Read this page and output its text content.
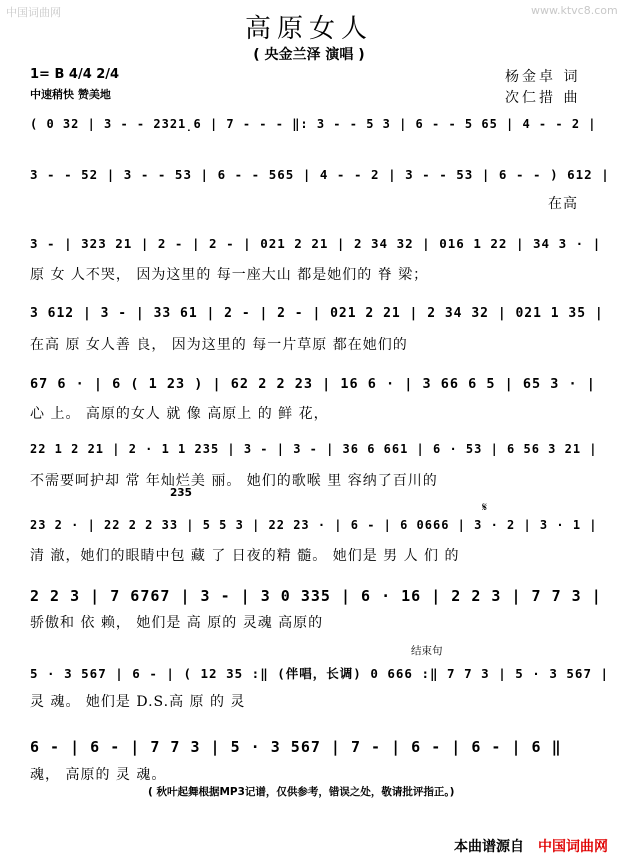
中国词曲网	www.ktvc8.com
高原女人
( 央金兰泽 演唱 )
1= B 4/4 2/4
中速稍快 赞美地
杨金卓 词
次仁措 曲
( 0 32 | 3 - - 2321̣6 | 7 - - - ‖: 3 - - 5 3 | 6 - - 5 65 | 4 - - 2 |
3 - - 52 | 3 - - 53 | 6 - - 565 | 4 - - 2 | 3 - - 53 | 6 - - ) 612 |
在高
3 - | 323 21 | 2 - | 2 - | 021 2 21 | 2 34 32 | 016 1 22 | 34 3 · |
原 女 人不哭， 因为这里的 每一座大山 都是她们的 脊 梁；
3 612 | 3 - | 33 61 | 2 - | 2 - | 021 2 21 | 2 34 32 | 021 1 35 |
在高 原 女人善 良， 因为这里的 每一片草原 都在她们的
67 6 · | 6 ( 1 23 ) | 62 2 2 23 | 16 6 · | 3 66 6 5 | 65 3 · |
心 上。 高原的女人 就 像 高原上 的 鲜 花，
22 1 2 21 | 2 · 1 1 235 | 3 - | 3 - | 36 6 661 | 6 · 53 | 6 56 3 21 |
不需要呵护却 常 年灿烂美 丽。 她们的歌喉 里 容纳了百川的
235
𝄋
23 2 · | 22 2 2 33 | 5 5 3 | 22 23 · | 6 - | 6 0666 | 3 · 2 | 3 · 1 |
清 澈，她们的眼睛中包 藏 了 日夜的精 髓。 她们是 男 人 们 的
2 2 3 | 7 6767 | 3 - | 3 0 335 | 6 · 16 | 2 2 3 | 7 7 3 |
骄傲和 依 赖， 她们是 高 原的 灵魂 高原的
结束句
5 · 3 567 | 6 - | ( 12 35 :‖ (伴唱，长调) 0 666 :‖ 7 7 3 | 5 · 3 567 |
灵 魂。 她们是 D.S.高 原 的 灵
6 - | 6 - | 7 7 3 | 5 · 3 567 | 7 - | 6 - | 6 - | 6 ‖
魂， 高原的 灵 魂。
( 秋叶起舞根据MP3记谱，仅供参考，错误之处，敬请批评指正。)
本曲谱源自 中国词曲网
